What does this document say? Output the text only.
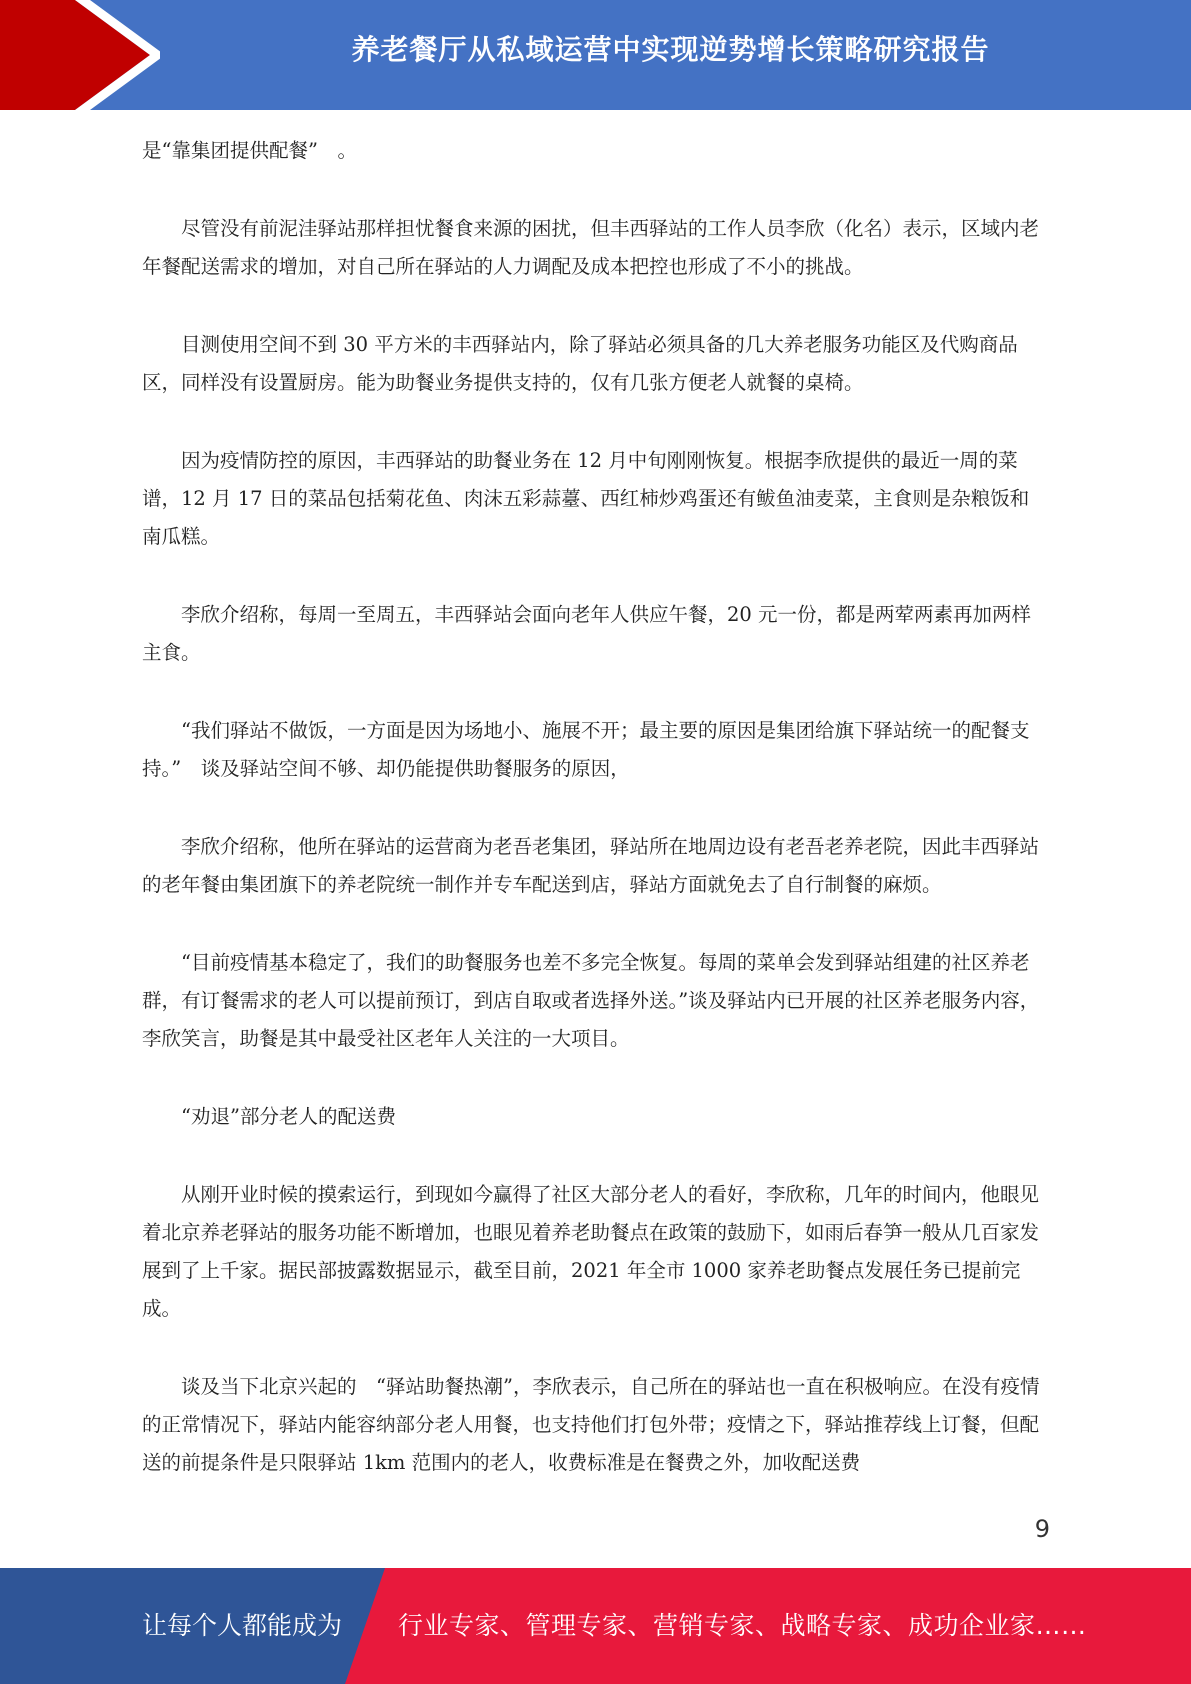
养老餐厅从私域运营中实现逆势增长策略研究报告

是“靠集团提供配餐”　。

尽管没有前泥洼驿站那样担忧餐食来源的困扰，但丰西驿站的工作人员李欣（化名）表示，区域内老年餐配送需求的增加，对自己所在驿站的人力调配及成本把控也形成了不小的挑战。

目测使用空间不到 30 平方米的丰西驿站内，除了驿站必须具备的几大养老服务功能区及代购商品区，同样没有设置厨房。能为助餐业务提供支持的，仅有几张方便老人就餐的桌椅。

因为疫情防控的原因，丰西驿站的助餐业务在 12 月中旬刚刚恢复。根据李欣提供的最近一周的菜谱，12 月 17 日的菜品包括菊花鱼、肉沫五彩蒜薹、西红柿炒鸡蛋还有鲅鱼油麦菜，主食则是杂粮饭和南瓜糕。

李欣介绍称，每周一至周五，丰西驿站会面向老年人供应午餐，20 元一份，都是两荤两素再加两样主食。

“我们驿站不做饭，一方面是因为场地小、施展不开；最主要的原因是集团给旗下驿站统一的配餐支持。”　谈及驿站空间不够、却仍能提供助餐服务的原因，

李欣介绍称，他所在驿站的运营商为老吾老集团，驿站所在地周边设有老吾老养老院，因此丰西驿站的老年餐由集团旗下的养老院统一制作并专车配送到店，驿站方面就免去了自行制餐的麻烦。

“目前疫情基本稳定了，我们的助餐服务也差不多完全恢复。每周的菜单会发到驿站组建的社区养老群，有订餐需求的老人可以提前预订，到店自取或者选择外送。”谈及驿站内已开展的社区养老服务内容，李欣笑言，助餐是其中最受社区老年人关注的一大项目。

“劝退”部分老人的配送费

从刚开业时候的摸索运行，到现如今赢得了社区大部分老人的看好，李欣称，几年的时间内，他眼见着北京养老驿站的服务功能不断增加，也眼见着养老助餐点在政策的鼓励下，如雨后春笋一般从几百家发展到了上千家。据民部披露数据显示，截至目前，2021 年全市 1000 家养老助餐点发展任务已提前完成。

谈及当下北京兴起的　“驿站助餐热潮”，李欣表示，自己所在的驿站也一直在积极响应。在没有疫情的正常情况下，驿站内能容纳部分老人用餐，也支持他们打包外带；疫情之下，驿站推荐线上订餐，但配送的前提条件是只限驿站 1km 范围内的老人，收费标准是在餐费之外，加收配送费

9
让每个人都能成为 行业专家、管理专家、营销专家、战略专家、成功企业家……
